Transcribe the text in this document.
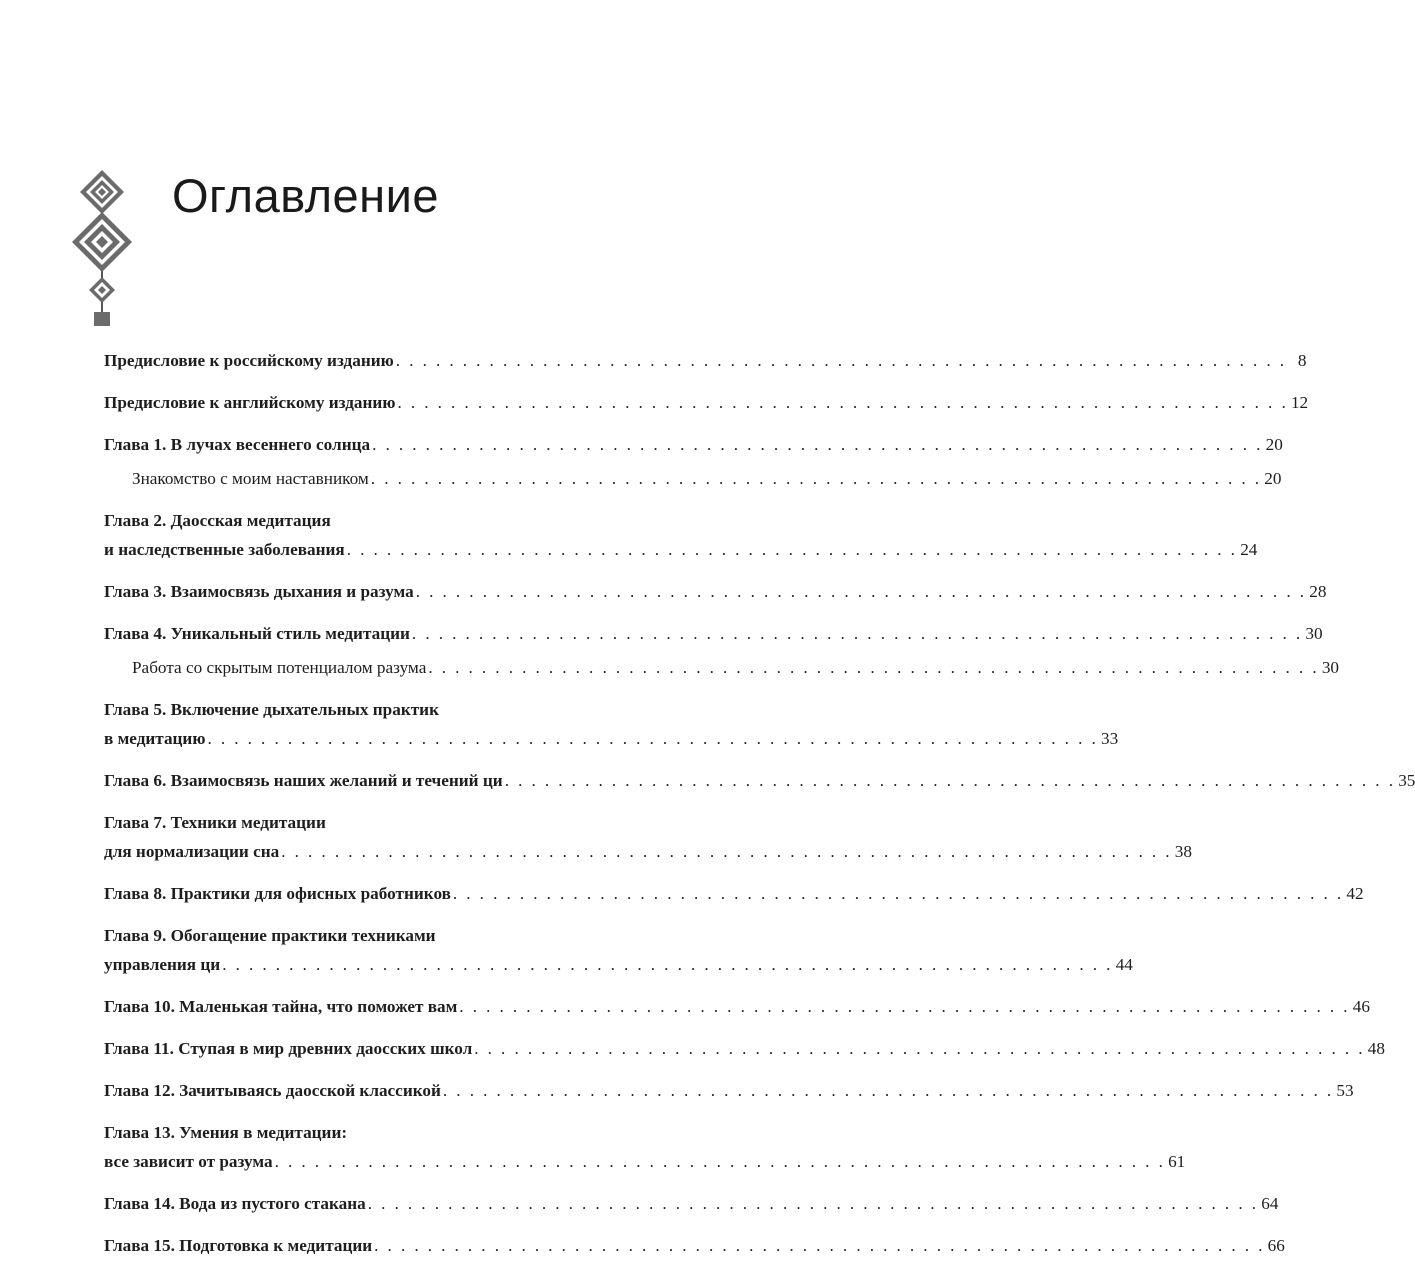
Оглавление
Предисловие к российскому изданию . . . . . . . . . . . . . . . . . . . . . . . . . . . . . . . . . . . . . . . . . . . . . . . . . . . . . . . . . . . . . . . . . . . 8
Предисловие к английскому изданию . . . . . . . . . . . . . . . . . . . . . . . . . . . . . . . . . . . . . . . . . . . . . . . . . . . . . . . . . . . . . . . . . . . 12
Глава 1. В лучах весеннего солнца . . . . . . . . . . . . . . . . . . . . . . . . . . . . . . . . . . . . . . . . . . . . . . . . . . . . . . . . . . . . . . . . . . . 20
Знакомство с моим наставником . . . . . . . . . . . . . . . . . . . . . . . . . . . . . . . . . . . . . . . . . . . . . . . . . . . . . . . . . . . . . . . . . . . 20
Глава 2. Даосская медитация
и наследственные заболевания . . . . . . . . . . . . . . . . . . . . . . . . . . . . . . . . . . . . . . . . . . . . . . . . . . . . . . . . . . . . . . . . . . . 24
Глава 3. Взаимосвязь дыхания и разума . . . . . . . . . . . . . . . . . . . . . . . . . . . . . . . . . . . . . . . . . . . . . . . . . . . . . . . . . . . . . . . . . . . 28
Глава 4. Уникальный стиль медитации . . . . . . . . . . . . . . . . . . . . . . . . . . . . . . . . . . . . . . . . . . . . . . . . . . . . . . . . . . . . . . . . . . . 30
Работа со скрытым потенциалом разума . . . . . . . . . . . . . . . . . . . . . . . . . . . . . . . . . . . . . . . . . . . . . . . . . . . . . . . . . . . . . . . . . . . 30
Глава 5. Включение дыхательных практик
в медитацию . . . . . . . . . . . . . . . . . . . . . . . . . . . . . . . . . . . . . . . . . . . . . . . . . . . . . . . . . . . . . . . . . . . 33
Глава 6. Взаимосвязь наших желаний и течений ци . . . . . . . . . . . . . . . . . . . . . . . . . . . . . . . . . . . . . . . . . . . . . . . . . . . . . . . . . . . . . . . . . . . 35
Глава 7. Техники медитации
для нормализации сна . . . . . . . . . . . . . . . . . . . . . . . . . . . . . . . . . . . . . . . . . . . . . . . . . . . . . . . . . . . . . . . . . . . 38
Глава 8. Практики для офисных работников . . . . . . . . . . . . . . . . . . . . . . . . . . . . . . . . . . . . . . . . . . . . . . . . . . . . . . . . . . . . . . . . . . . 42
Глава 9. Обогащение практики техниками
управления ци . . . . . . . . . . . . . . . . . . . . . . . . . . . . . . . . . . . . . . . . . . . . . . . . . . . . . . . . . . . . . . . . . . . 44
Глава 10. Маленькая тайна, что поможет вам . . . . . . . . . . . . . . . . . . . . . . . . . . . . . . . . . . . . . . . . . . . . . . . . . . . . . . . . . . . . . . . . . . . 46
Глава 11. Ступая в мир древних даосских школ . . . . . . . . . . . . . . . . . . . . . . . . . . . . . . . . . . . . . . . . . . . . . . . . . . . . . . . . . . . . . . . . . . . 48
Глава 12. Зачитываясь даосской классикой . . . . . . . . . . . . . . . . . . . . . . . . . . . . . . . . . . . . . . . . . . . . . . . . . . . . . . . . . . . . . . . . . . . 53
Глава 13. Умения в медитации:
все зависит от разума . . . . . . . . . . . . . . . . . . . . . . . . . . . . . . . . . . . . . . . . . . . . . . . . . . . . . . . . . . . . . . . . . . . 61
Глава 14. Вода из пустого стакана . . . . . . . . . . . . . . . . . . . . . . . . . . . . . . . . . . . . . . . . . . . . . . . . . . . . . . . . . . . . . . . . . . . 64
Глава 15. Подготовка к медитации . . . . . . . . . . . . . . . . . . . . . . . . . . . . . . . . . . . . . . . . . . . . . . . . . . . . . . . . . . . . . . . . . . . 66
